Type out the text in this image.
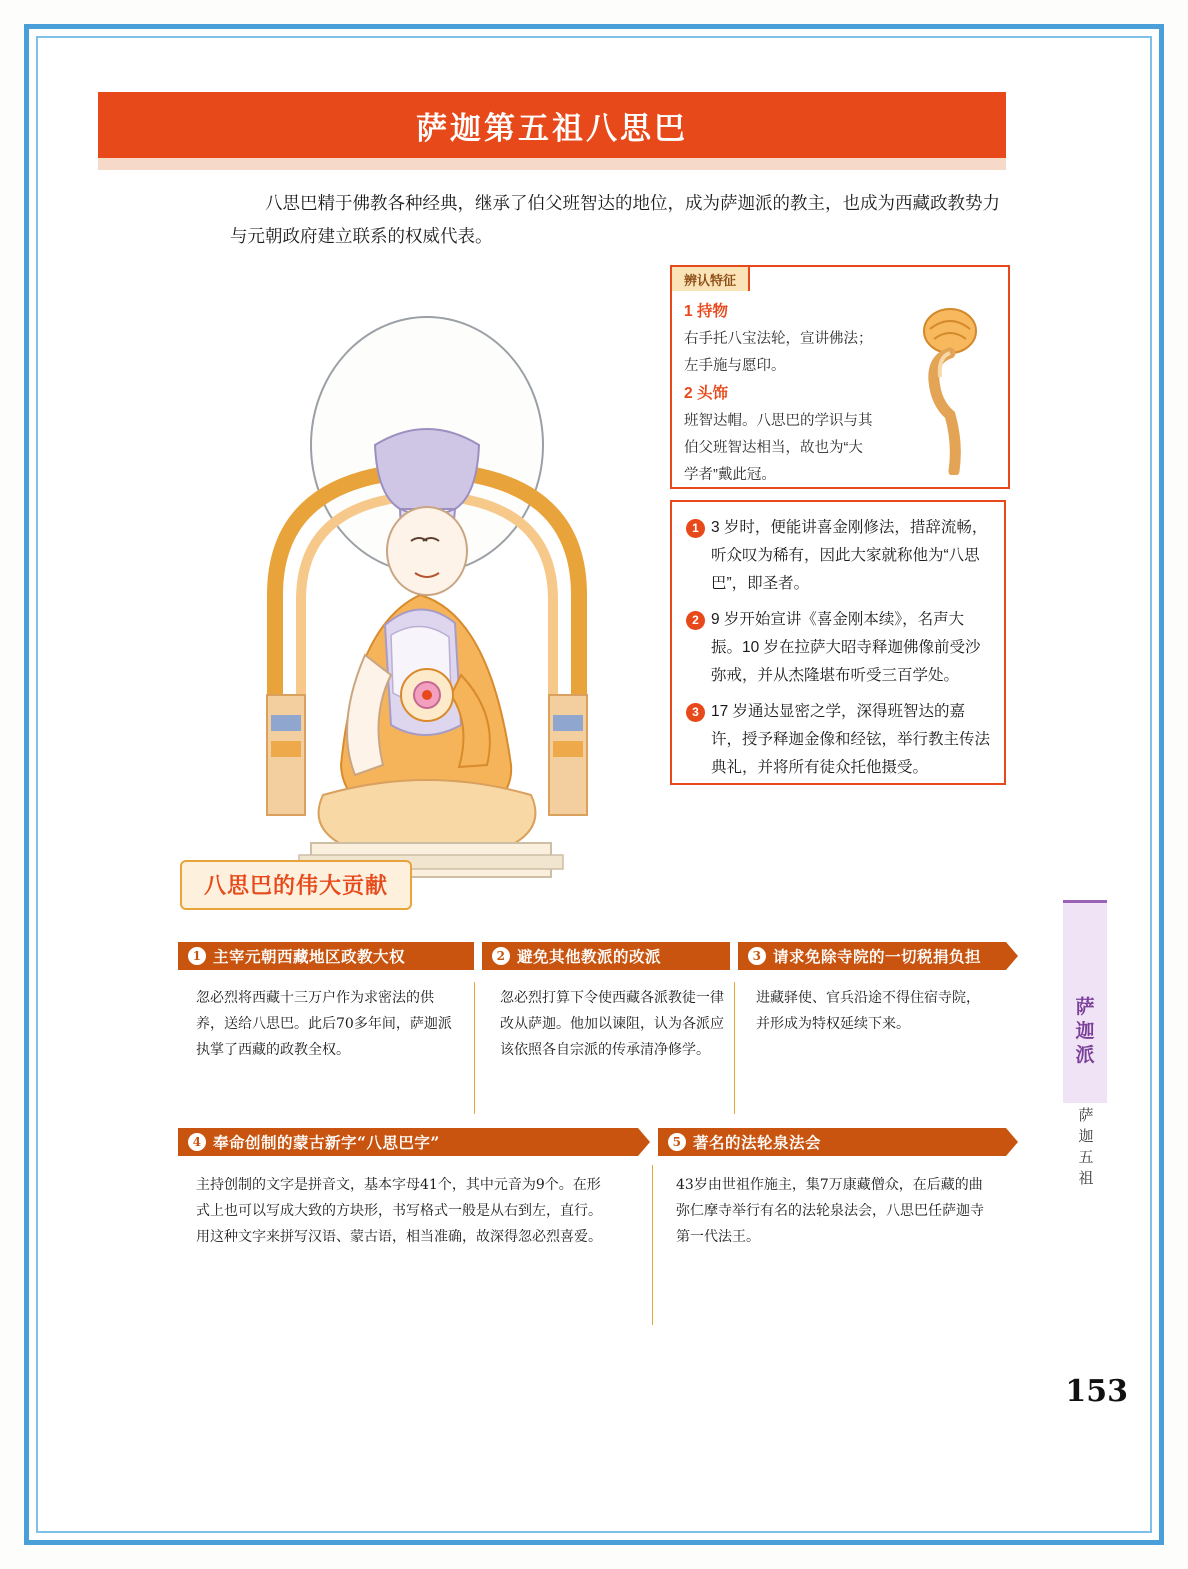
萨迦第五祖八思巴
八思巴精于佛教各种经典，继承了伯父班智达的地位，成为萨迦派的教主，也成为西藏政教势力与元朝政府建立联系的权威代表。
辨认特征
1 持物
右手托八宝法轮，宣讲佛法；左手施与愿印。
2 头饰
班智达帽。八思巴的学识与其伯父班智达相当，故也为“大学者”戴此冠。
1 3 岁时，便能讲喜金刚修法，措辞流畅，听众叹为稀有，因此大家就称他为“八思巴”，即圣者。
2 9 岁开始宣讲《喜金刚本续》，名声大振。10 岁在拉萨大昭寺释迦佛像前受沙弥戒，并从杰隆堪布听受三百学处。
3 17 岁通达显密之学，深得班智达的嘉许，授予释迦金像和经铉，举行教主传法典礼，并将所有徒众托他摄受。
八思巴的伟大贡献
1 主宰元朝西藏地区政教大权	2 避免其他教派的改派	3 请求免除寺院的一切税捐负担
忽必烈将西藏十三万户作为求密法的供养，送给八思巴。此后70多年间，萨迦派执掌了西藏的政教全权。
忽必烈打算下令使西藏各派教徒一律改从萨迦。他加以谏阻，认为各派应该依照各自宗派的传承清净修学。
进藏驿使、官兵沿途不得住宿寺院，并形成为特权延续下来。
4 奉命创制的蒙古新字“八思巴字”	5 著名的法轮泉法会
主持创制的文字是拼音文，基本字母41个，其中元音为9个。在形式上也可以写成大致的方块形，书写格式一般是从右到左，直行。用这种文字来拼写汉语、蒙古语，相当准确，故深得忽必烈喜爱。
43岁由世祖作施主，集7万康藏僧众，在后藏的曲弥仁摩寺举行有名的法轮泉法会，八思巴任萨迦寺第一代法王。
萨迦派
萨迦五祖
153
